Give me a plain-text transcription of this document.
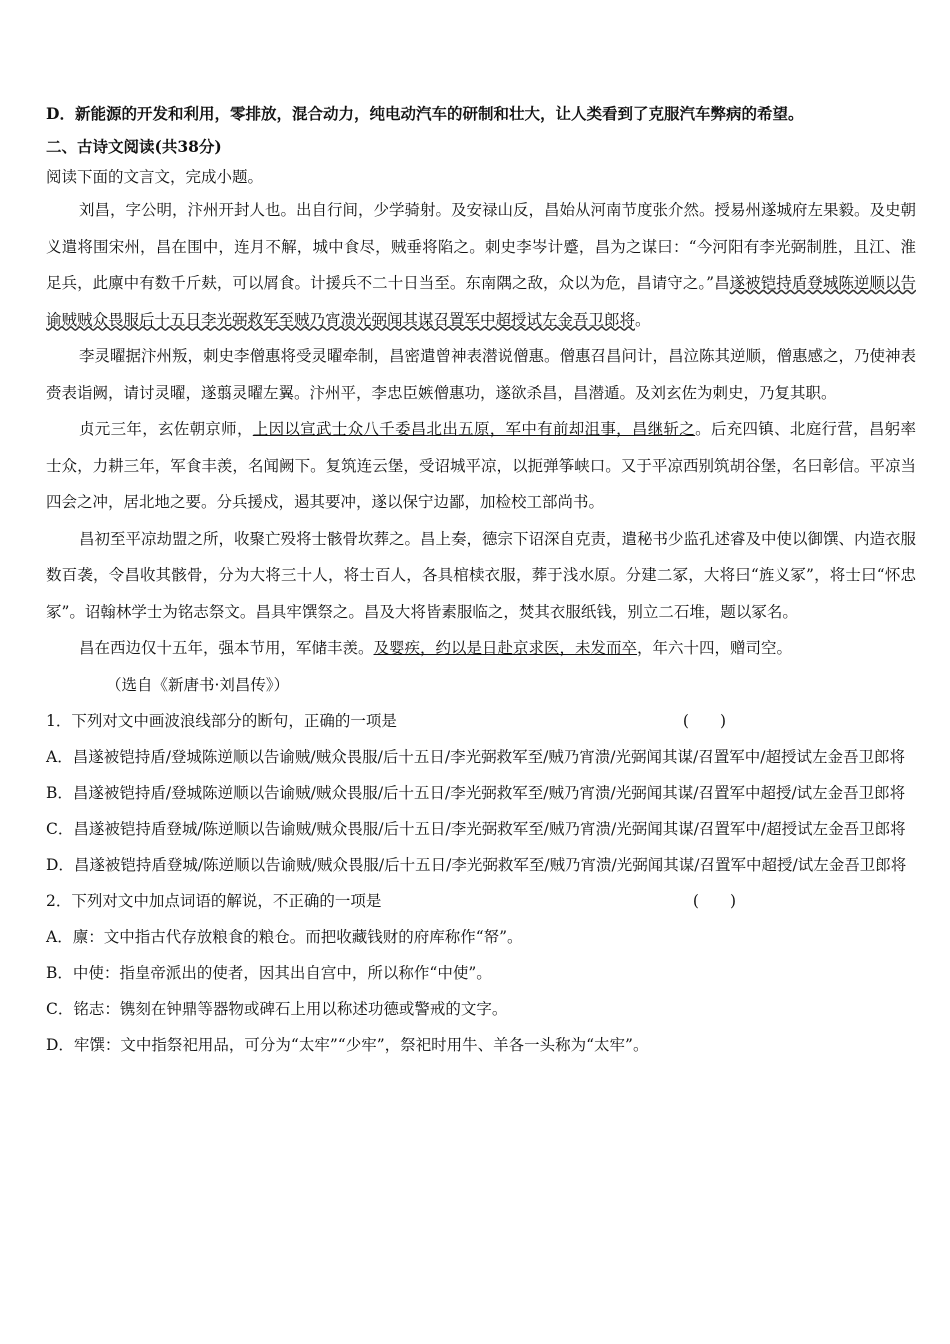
D．新能源的开发和利用，零排放，混合动力，纯电动汽车的研制和壮大，让人类看到了克服汽车弊病的希望。
二、古诗文阅读(共38分)
阅读下面的文言文，完成小题。
刘昌，字公明，汴州开封人也。出自行间，少学骑射。及安禄山反，昌始从河南节度张介然。授易州遂城府左果毅。及史朝义遣将围宋州，昌在围中，连月不解，城中食尽，贼垂将陷之。刺史李岑计蹙，昌为之谋曰：“今河阳有李光弼制胜，且江、淮足兵，此廪中有数千斤麸，可以屑食。计援兵不二十日当至。东南隅之敌，众以为危，昌请守之。”昌遂被铠持盾登城陈逆顺以告谕贼贼众畏服后十五日李光弼救军至贼乃宵溃光弼闻其谋召置军中超授试左金吾卫郎将。
李灵曜据汴州叛，刺史李僧惠将受灵曜牵制，昌密遣曾神表潜说僧惠。僧惠召昌问计，昌泣陈其逆顺，僧惠感之，乃使神表赍表诣阙，请讨灵曜，遂翦灵曜左翼。汴州平，李忠臣嫉僧惠功，遂欲杀昌，昌潜遁。及刘玄佐为刺史，乃复其职。
贞元三年，玄佐朝京师，上因以宣武士众八千委昌北出五原，军中有前却沮事，昌继斩之。后充四镇、北庭行营，昌躬率士众，力耕三年，军食丰羡，名闻阙下。复筑连云堡，受诏城平凉，以扼弹筝峡口。又于平凉西别筑胡谷堡，名曰彰信。平凉当四会之冲，居北地之要。分兵援戍，遏其要冲，遂以保宁边鄙，加检校工部尚书。
昌初至平凉劫盟之所，收聚亡殁将士骸骨坎葬之。昌上奏，德宗下诏深自克责，遣秘书少监孔述睿及中使以御馔、内造衣服数百袭，令昌收其骸骨，分为大将三十人，将士百人，各具棺椟衣服，葬于浅水原。分建二冢，大将曰“旌义冢”，将士曰“怀忠冢”。诏翰林学士为铭志祭文。昌具牢馔祭之。昌及大将皆素服临之，焚其衣服纸钱，别立二石堆，题以冢名。
昌在西边仅十五年，强本节用，军储丰羡。及婴疾，约以是日赴京求医，未发而卒，年六十四，赠司空。
（选自《新唐书·刘昌传》）
1．下列对文中画波浪线部分的断句，正确的一项是	(　　)
A．昌遂被铠持盾/登城陈逆顺以告谕贼/贼众畏服/后十五日/李光弼救军至/贼乃宵溃/光弼闻其谋/召置军中/超授试左金吾卫郎将
B．昌遂被铠持盾/登城陈逆顺以告谕贼/贼众畏服/后十五日/李光弼救军至/贼乃宵溃/光弼闻其谋/召置军中超授/试左金吾卫郎将
C．昌遂被铠持盾登城/陈逆顺以告谕贼/贼众畏服/后十五日/李光弼救军至/贼乃宵溃/光弼闻其谋/召置军中/超授试左金吾卫郎将
D．昌遂被铠持盾登城/陈逆顺以告谕贼/贼众畏服/后十五日/李光弼救军至/贼乃宵溃/光弼闻其谋/召置军中超授/试左金吾卫郎将
2．下列对文中加点词语的解说，不正确的一项是	(　　)
A．廪：文中指古代存放粮食的粮仓。而把收藏钱财的府库称作“帑”。
B．中使：指皇帝派出的使者，因其出自宫中，所以称作“中使”。
C．铭志：镌刻在钟鼎等器物或碑石上用以称述功德或警戒的文字。
D．牢馔：文中指祭祀用品，可分为“太牢”“少牢”，祭祀时用牛、羊各一头称为“太牢”。
